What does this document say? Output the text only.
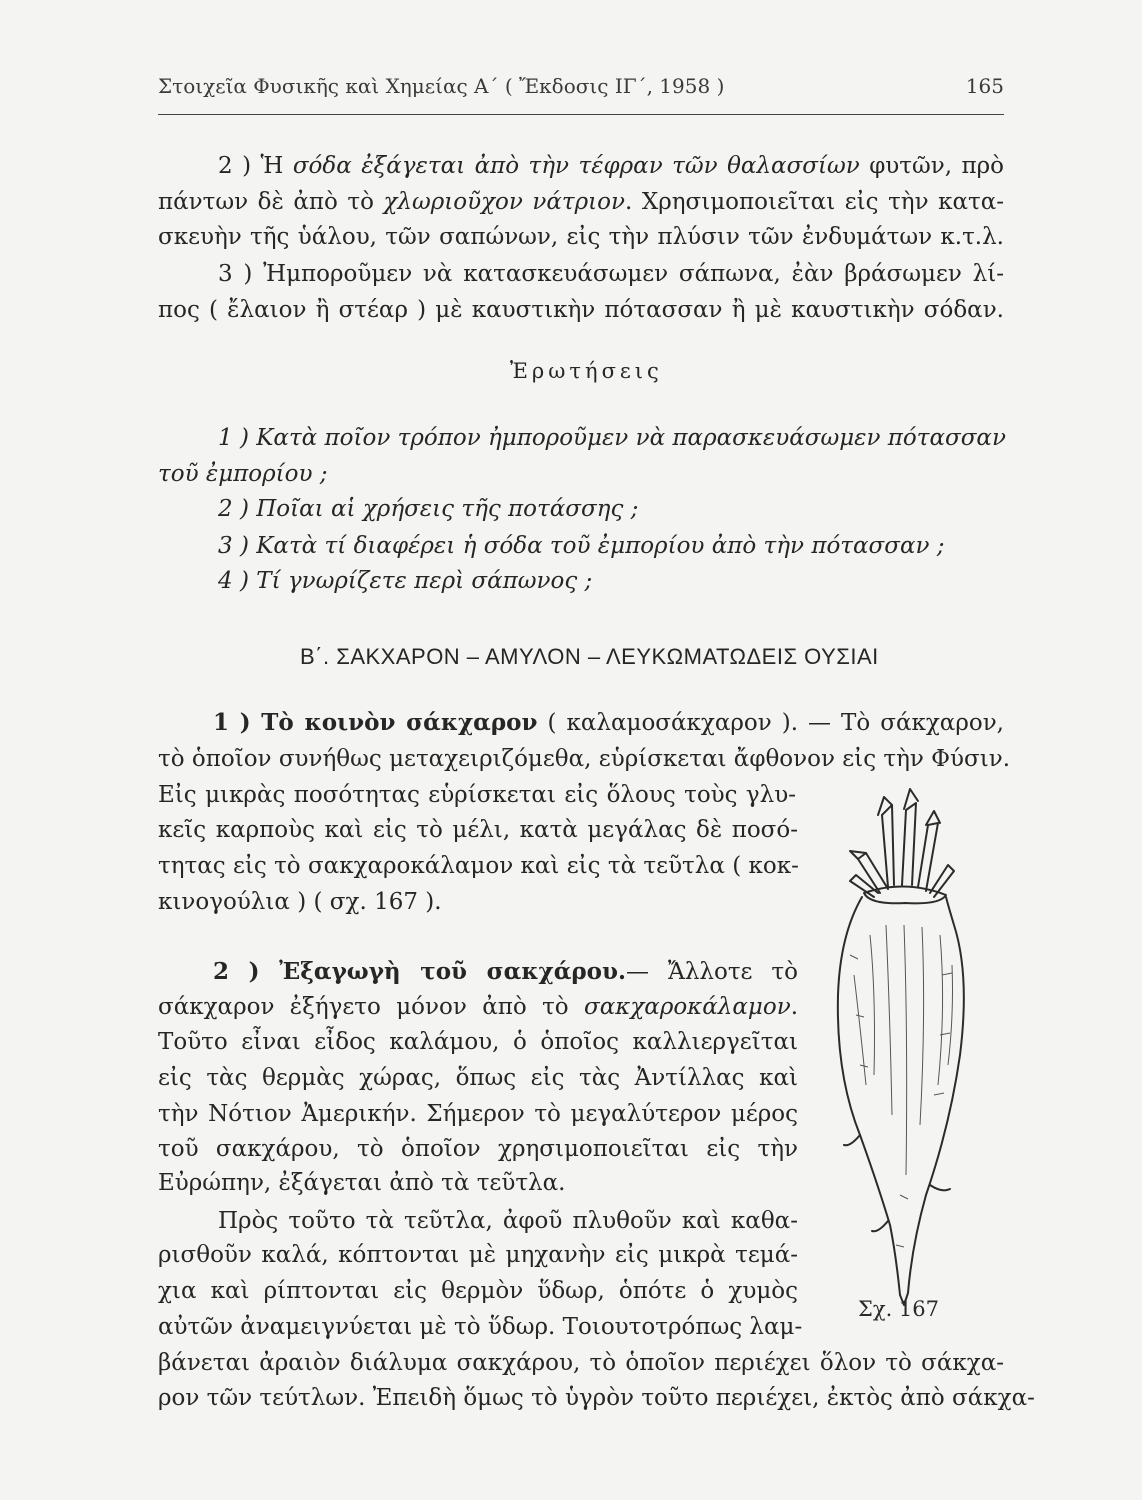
Στοιχεῖα Φυσικῆς καὶ Χημείας Α΄ ( Ἔκδοσις ΙΓ΄, 1958 )	165
2 ) Ἡ σόδα ἐξάγεται ἀπὸ τὴν τέφραν τῶν θαλασσίων φυτῶν, πρὸ
πάντων δὲ ἀπὸ τὸ χλωριοῦχον νάτριον. Χρησιμοποιεῖται εἰς τὴν κατα-
σκευὴν τῆς ὑάλου, τῶν σαπώνων, εἰς τὴν πλύσιν τῶν ἐνδυμάτων κ.τ.λ.
3 ) Ἠμποροῦμεν νὰ κατασκευάσωμεν σάπωνα, ἐὰν βράσωμεν λί-
πος ( ἔλαιον ἢ στέαρ ) μὲ καυστικὴν πότασσαν ἢ μὲ καυστικὴν σόδαν.
Ἐρωτήσεις
1 ) Κατὰ ποῖον τρόπον ἠμποροῦμεν νὰ παρασκευάσωμεν πότασσαν
τοῦ ἐμπορίου ;
2 ) Ποῖαι αἱ χρήσεις τῆς ποτάσσης ;
3 ) Κατὰ τί διαφέρει ἡ σόδα τοῦ ἐμπορίου ἀπὸ τὴν πότασσαν ;
4 ) Τί γνωρίζετε περὶ σάπωνος ;
Β΄. ΣΑΚΧΑΡΟΝ – ΑΜΥΛΟΝ – ΛΕΥΚΩΜΑΤΩΔΕΙΣ ΟΥΣΙΑΙ
1 ) Τὸ κοινὸν σάκχαρον ( καλαμοσάκχαρον ). — Τὸ σάκχαρον,
τὸ ὁποῖον συνήθως μεταχειριζόμεθα, εὑρίσκεται ἄφθονον εἰς τὴν Φύσιν.
Εἰς μικρὰς ποσότητας εὑρίσκεται εἰς ὅλους τοὺς γλυ-
κεῖς καρποὺς καὶ εἰς τὸ μέλι, κατὰ μεγάλας δὲ ποσό-
τητας εἰς τὸ σακχαροκάλαμον καὶ εἰς τὰ τεῦτλα ( κοκ-
κινογούλια ) ( σχ. 167 ).
2 ) Ἐξαγωγὴ τοῦ σακχάρου.— Ἄλλοτε τὸ
σάκχαρον ἐξήγετο μόνον ἀπὸ τὸ σακχαροκάλαμον.
Τοῦτο εἶναι εἶδος καλάμου, ὁ ὁποῖος καλλιεργεῖται
εἰς τὰς θερμὰς χώρας, ὅπως εἰς τὰς Ἀντίλλας καὶ
τὴν Νότιον Ἀμερικήν. Σήμερον τὸ μεγαλύτερον μέρος
τοῦ σακχάρου, τὸ ὁποῖον χρησιμοποιεῖται εἰς τὴν
Εὐρώπην, ἐξάγεται ἀπὸ τὰ τεῦτλα.
Πρὸς τοῦτο τὰ τεῦτλα, ἀφοῦ πλυθοῦν καὶ καθα-
ρισθοῦν καλά, κόπτονται μὲ μηχανὴν εἰς μικρὰ τεμά-
χια καὶ ρίπτονται εἰς θερμὸν ὕδωρ, ὁπότε ὁ χυμὸς
αὐτῶν ἀναμειγνύεται μὲ τὸ ὕδωρ. Τοιουτοτρόπως λαμ-
βάνεται ἀραιὸν διάλυμα σακχάρου, τὸ ὁποῖον περιέχει ὅλον τὸ σάκχα-
ρον τῶν τεύτλων. Ἐπειδὴ ὅμως τὸ ὑγρὸν τοῦτο περιέχει, ἐκτὸς ἀπὸ σάκχα-
Σχ. 167
